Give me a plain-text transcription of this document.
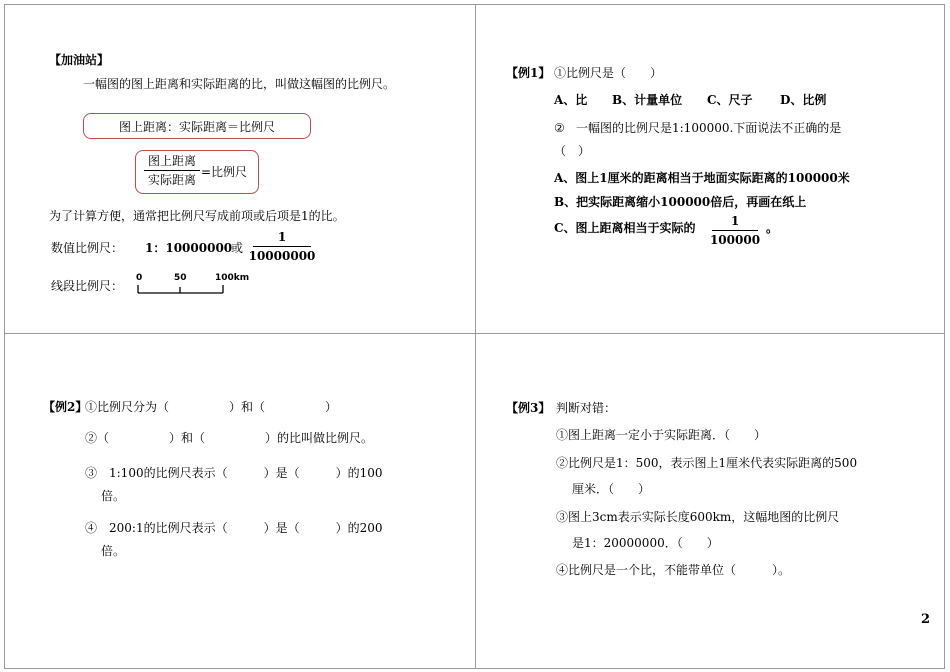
【加油站】
一幅图的图上距离和实际距离的比，叫做这幅图的比例尺。
图上距离：实际距离＝比例尺
图上距离
实际距离
=比例尺
为了计算方便，通常把比例尺写成前项或后项是1的比。
数值比例尺： 1：10000000
或
1
10000000
线段比例尺：
0	50	100km
【例1】 ①比例尺是（　　）
A、比 B、计量单位 C、尺子 D、比例
② 一幅图的比例尺是1:100000.下面说法不正确的是
（　）
A、图上1厘米的距离相当于地面实际距离的100000米
B、把实际距离缩小100000倍后，再画在纸上
C、图上距离相当于实际的	1
100000
。
【例2】
①比例尺分为（　　　　　）和（　　　　　）
②（　　　　　）和（　　　　　）的比叫做比例尺。
③　1:100的比例尺表示（　　　）是（　　　）的100
倍。
④　200:1的比例尺表示（　　　）是（　　　）的200
倍。
【例3】 判断对错：
①图上距离一定小于实际距离．（　　）
②比例尺是1：500，表示图上1厘米代表实际距离的500
厘米．（　　）
③图上3cm表示实际长度600km，这幅地图的比例尺
是1：20000000．（　　）
④比例尺是一个比，不能带单位（　　　）。
2
